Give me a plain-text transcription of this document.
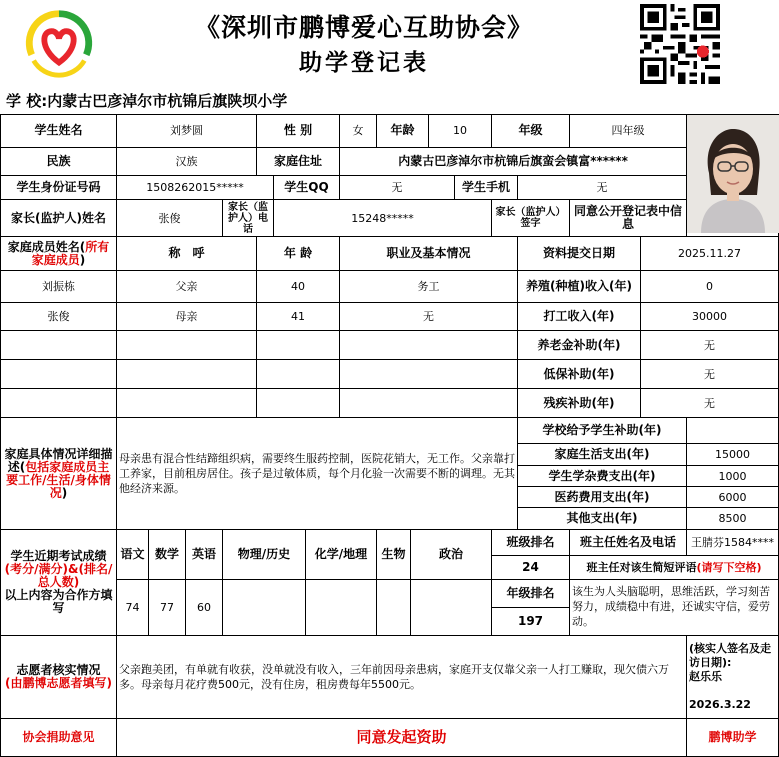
《深圳市鹏博爱心互助协会》
助学登记表
学 校:内蒙古巴彦淖尔市杭锦后旗陕坝小学
学生姓名	刘梦圆				性 别			女	年龄		10		年级		四年级	
民族	汉族				家庭住址			内蒙古巴彦淖尔市杭锦后旗蛮会镇富******									
学生身份证号码	1508262015*****					学生QQ		无				学生手机		无			
家长(监护人)姓名	张俊			家长（监护人）电话		15248*****							家长（监护人）签字		同意公开登记表中信息		
家庭成员姓名(所有家庭成员)	称　呼				年 龄			职业及基本情况						资料提交日期		2025.11.27	
刘振栋	父亲				40			务工						养殖(种植)收入(年)		0	
张俊	母亲				41			无						打工收入(年)		30000	
														养老金补助(年)		无	
														低保补助(年)		无	
														残疾补助(年)		无	
家庭具体情况详细描述(包括家庭成员主要工作/生活/身体情况)	母亲患有混合性结蹄组织病，需要终生服药控制，医院花销大，无工作。父亲靠打工养家，目前租房居住。孩子是过敏体质，每个月化验一次需要不断的调理。无其他经济来源。													学校给予学生补助(年)			
														家庭生活支出(年)			15000
														学生学杂费支出(年)			1000
														医药费用支出(年)			6000
														其他支出(年)			8500
学生近期考试成绩
(考分/满分)&(排名/总人数)
以上内容为合作方填写	语文	数学	英语	物理/历史			化学/地理		生物	政治			班级排名		班主任姓名及电话		王腈芬1584****
													24		班主任对该生简短评语(请写下空格)		
	74	77	60										年级排名		该生为人头脑聪明，思维活跃，学习刻苦努力，成绩稳中有进，还诚实守信，爱劳动。		
													197				
志愿者核实情况
(由鹏博志愿者填写)	父亲跑美团，有单就有收获，没单就没有收入，三年前因母亲患病，家庭开支仅靠父亲一人打工赚取，现欠债六万多。母亲每月花疗费500元，没有住房，租房费每年5500元。																(核实人签名及走访日期):
赵乐乐

2026.3.22
协会捐助意见	同意发起资助																鹏博助学
